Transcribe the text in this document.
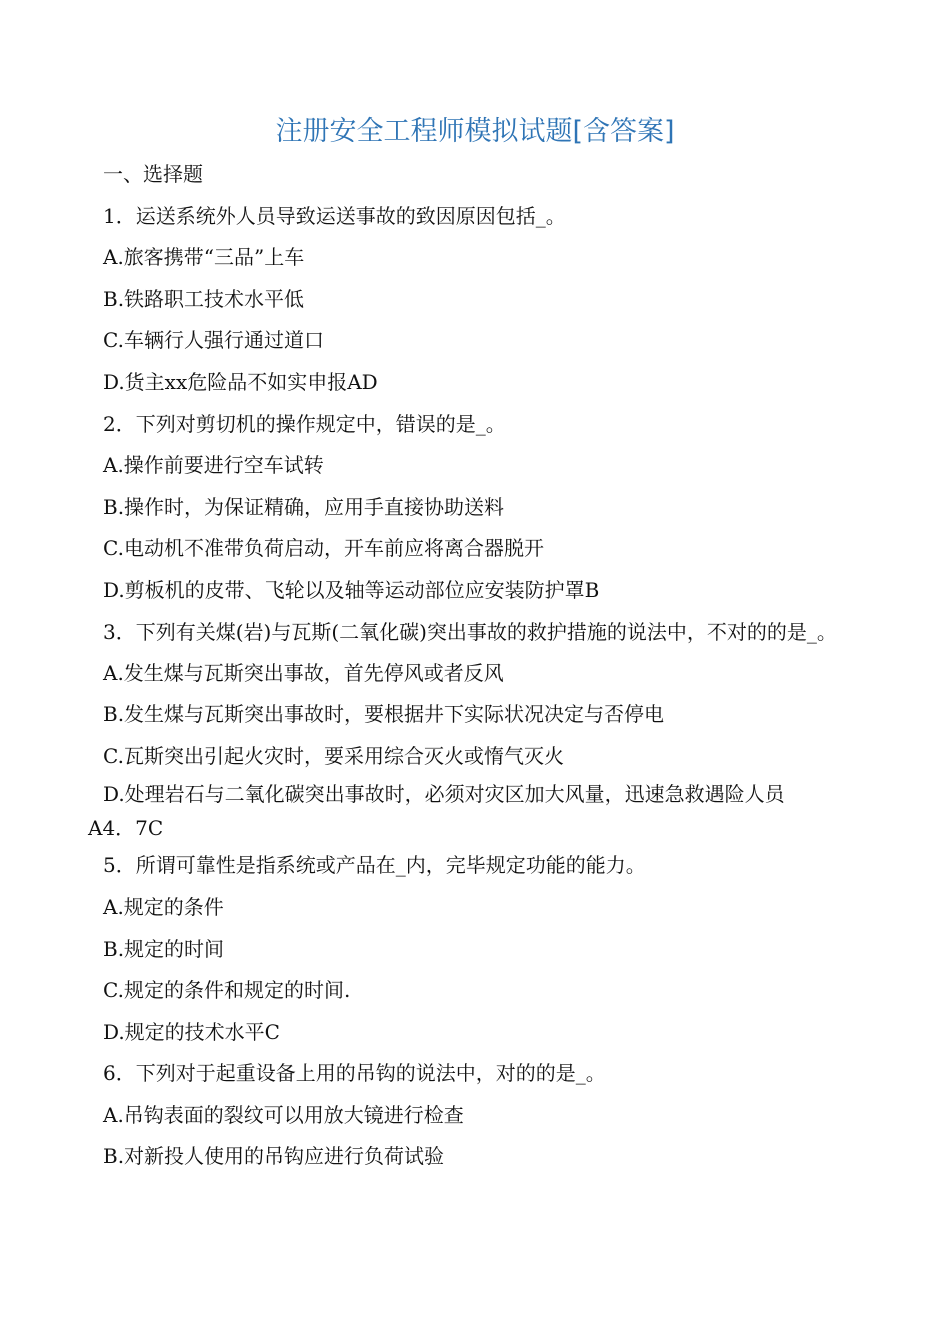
注册安全工程师模拟试题[含答案]
一、选择题
1．运送系统外人员导致运送事故的致因原因包括_。
A.旅客携带“三品”上车
B.铁路职工技术水平低
C.车辆行人强行通过道口
D.货主xx危险品不如实申报AD
2．下列对剪切机的操作规定中，错误的是_。
A.操作前要进行空车试转
B.操作时，为保证精确，应用手直接协助送料
C.电动机不准带负荷启动，开车前应将离合器脱开
D.剪板机的皮带、飞轮以及轴等运动部位应安装防护罩B
3．下列有关煤(岩)与瓦斯(二氧化碳)突出事故的救护措施的说法中，不对的的是_。
A.发生煤与瓦斯突出事故，首先停风或者反风
B.发生煤与瓦斯突出事故时，要根据井下实际状况决定与否停电
C.瓦斯突出引起火灾时，要采用综合灭火或惰气灭火
D.处理岩石与二氧化碳突出事故时，必须对灾区加大风量，迅速急救遇险人员
A4．7C
5．所谓可靠性是指系统或产品在_内，完毕规定功能的能力。
A.规定的条件
B.规定的时间
C.规定的条件和规定的时间.
D.规定的技术水平C
6．下列对于起重设备上用的吊钩的说法中，对的的是_。
A.吊钩表面的裂纹可以用放大镜进行检查
B.对新投人使用的吊钩应进行负荷试验
